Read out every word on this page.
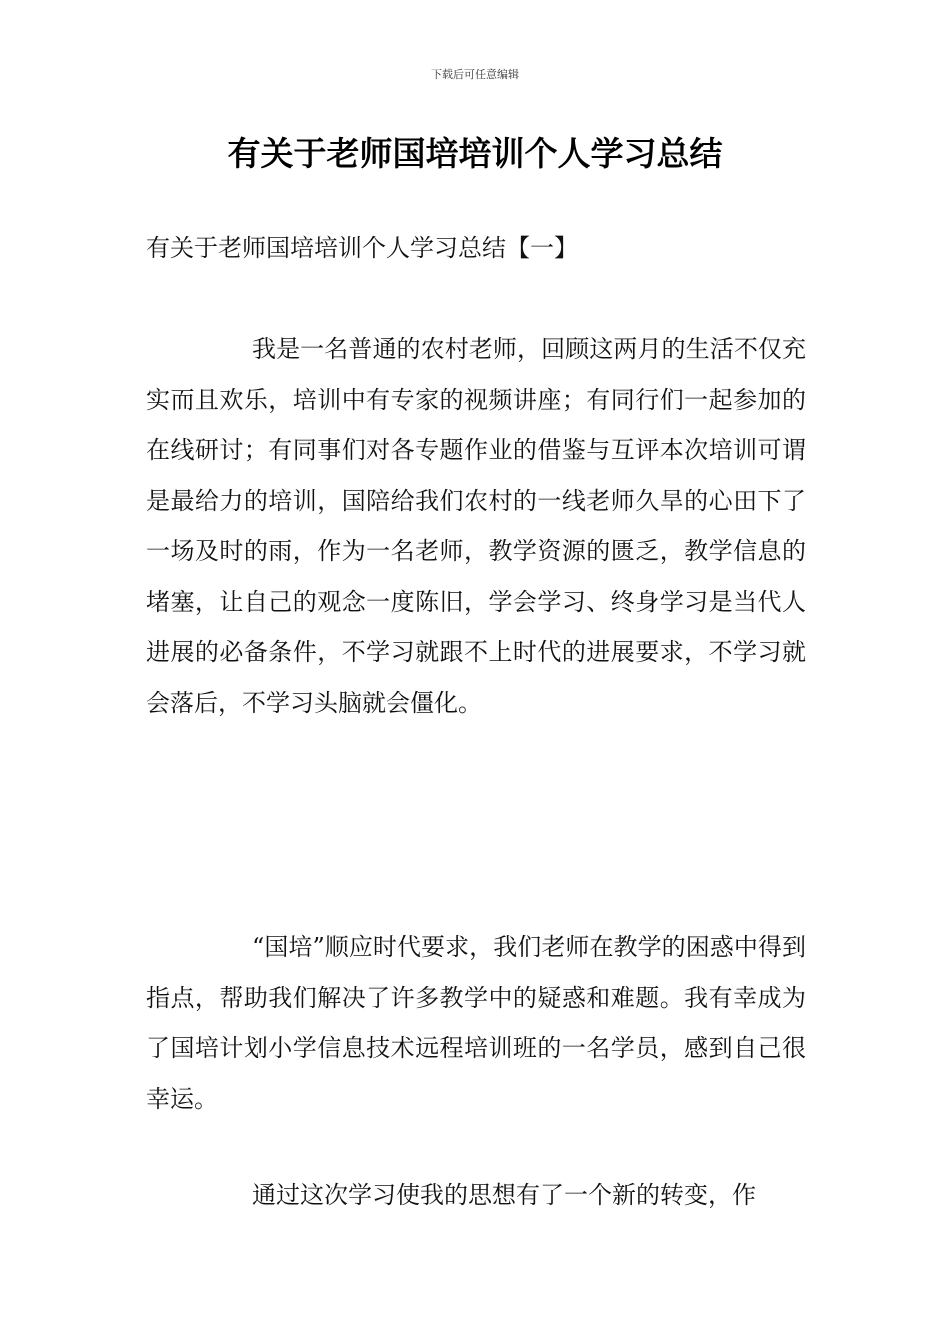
下载后可任意编辑
有关于老师国培培训个人学习总结
有关于老师国培培训个人学习总结【一】

我是一名普通的农村老师，回顾这两月的生活不仅充实而且欢乐，培训中有专家的视频讲座；有同行们一起参加的在线研讨；有同事们对各专题作业的借鉴与互评本次培训可谓是最给力的培训，国陪给我们农村的一线老师久旱的心田下了一场及时的雨，作为一名老师，教学资源的匮乏，教学信息的堵塞，让自己的观念一度陈旧，学会学习、终身学习是当代人进展的必备条件，不学习就跟不上时代的进展要求，不学习就会落后，不学习头脑就会僵化。

“国培”顺应时代要求，我们老师在教学的困惑中得到指点，帮助我们解决了许多教学中的疑惑和难题。我有幸成为了国培计划小学信息技术远程培训班的一名学员，感到自己很幸运。

通过这次学习使我的思想有了一个新的转变，作
